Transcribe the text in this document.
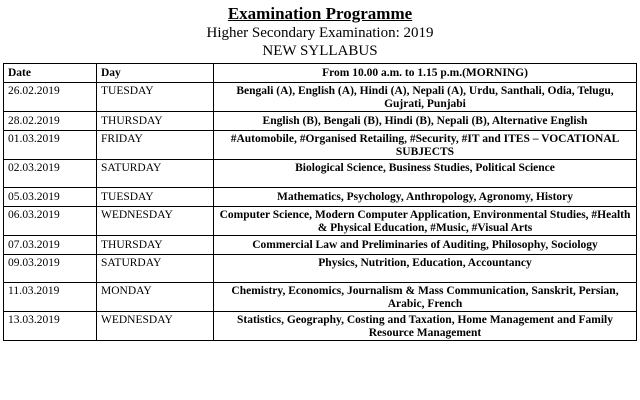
Examination Programme
Higher Secondary Examination: 2019
NEW SYLLABUS
Date	Day	From 10.00 a.m. to 1.15 p.m.(MORNING)
26.02.2019	TUESDAY	Bengali (A), English (A), Hindi (A), Nepali (A), Urdu, Santhali, Odia, Telugu, Gujrati, Punjabi
28.02.2019	THURSDAY	English (B), Bengali (B), Hindi (B), Nepali (B), Alternative English
01.03.2019	FRIDAY	#Automobile, #Organised Retailing, #Security, #IT and ITES – VOCATIONAL SUBJECTS
02.03.2019	SATURDAY	Biological Science, Business Studies, Political Science
05.03.2019	TUESDAY	Mathematics, Psychology, Anthropology, Agronomy, History
06.03.2019	WEDNESDAY	Computer Science, Modern Computer Application, Environmental Studies, #Health & Physical Education, #Music, #Visual Arts
07.03.2019	THURSDAY	Commercial Law and Preliminaries of Auditing, Philosophy, Sociology
09.03.2019	SATURDAY	Physics, Nutrition, Education, Accountancy
11.03.2019	MONDAY	Chemistry, Economics, Journalism & Mass Communication, Sanskrit, Persian, Arabic, French
13.03.2019	WEDNESDAY	Statistics, Geography, Costing and Taxation, Home Management and Family Resource Management
